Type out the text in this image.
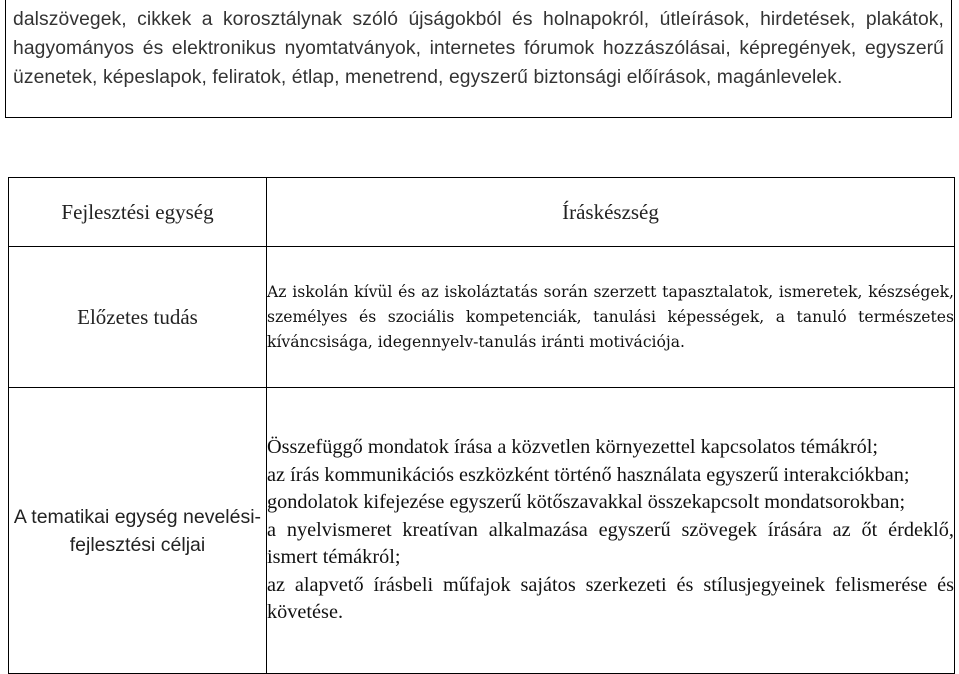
dalszövegek, cikkek a korosztálynak szóló újságokból és holnapokról, útleírások, hirdetések, plakátok, hagyományos és elektronikus nyomtatványok, internetes fórumok hozzászólásai, képregények, egyszerű üzenetek, képeslapok, feliratok, étlap, menetrend, egyszerű biztonsági előírások, magánlevelek.

Fejlesztési egység	Íráskészség
Előzetes tudás	Az iskolán kívül és az iskoláztatás során szerzett tapasztalatok, ismeretek, készségek, személyes és szociális kompetenciák, tanulási képességek, a tanuló természetes kíváncsisága, idegennyelv-tanulás iránti motivációja.
A tematikai egység nevelési-fejlesztési céljai	Összefüggő mondatok írása a közvetlen környezettel kapcsolatos témákról;

az írás kommunikációs eszközként történő használata egyszerű interakciókban;

gondolatok kifejezése egyszerű kötőszavakkal összekapcsolt mondatsorokban;

a nyelvismeret kreatívan alkalmazása egyszerű szövegek írására az őt érdeklő, ismert témákról;

az alapvető írásbeli műfajok sajátos szerkezeti és stílusjegyeinek felismerése és követése.
